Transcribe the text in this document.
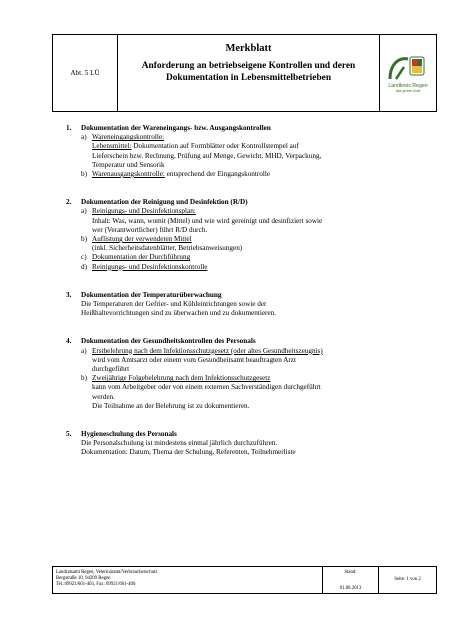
Abt. 5 LÜ
Merkblatt
Anforderung an betriebseigene Kontrollen und deren
Dokumentation in Lebensmittelbetrieben
Landkreis Regen
das grüne Gold
1.	Dokumentation der Wareneingangs- bzw. Ausgangskontrollen
a) Wareneingangskontrolle:
Lebensmittel: Dokumentation auf Formblätter oder Kontrollstempel auf
Lieferschein bzw. Rechnung, Prüfung auf Menge, Gewicht, MHD, Verpackung,
Temperatur und Sensorik
b) Warenausgangskontrolle: entsprechend der Eingangskontrolle
2.	Dokumentation der Reinigung und Desinfektion (R/D)
a) Reinigungs- und Desinfektionsplan:
Inhalt: Was, wann, womit (Mittel) und wie wird gereinigt und desinfiziert sowie
wer (Verantwortlicher) führt R/D durch.
b) Auflistung der verwendeten Mittel
(inkl. Sicherheitsdatenblätter, Betriebsanweisungen)
c) Dokumentation der Durchführung
d) Reinigungs- und Desinfektionskontrolle
3.	Dokumentation der Temperaturüberwachung
Die Temperaturen der Gefrier- und Kühleinrichtungen sowie der
Heißhaltevorrichtungen sind zu überwachen und zu dokumentieren.
4.	Dokumentation der Gesundheitskontrollen des Personals
a) Erstbelehrung nach dem Infektionsschutzgesetz (oder altes Gesundheitszeugnis)
wird vom Amtsarzt oder einem vom Gesundheitsamt beauftragten Arzt
durchgeführt
b) Zweijährige Folgebelehrung nach dem Infektionsschutzgesetz
kann vom Arbeitgeber oder von einem externen Sachverständigen durchgeführt
werden.
Die Teilnahme an der Belehrung ist zu dokumentieren.
5.	Hygieneschulung des Personals
Die Personalschulung ist mindestens einmal jährlich durchzuführen.
Dokumentation: Datum, Thema der Schulung, Referenten, Teilnehmerliste
Landratsamt Regen, Veterinäramt/Verbraucherschutz
Bergstraße 10, 94209 Regen
Tel.:09921/601-403, Fax: 09921/601-400
Stand:
01.08.2013
Seite: 1 von 2
